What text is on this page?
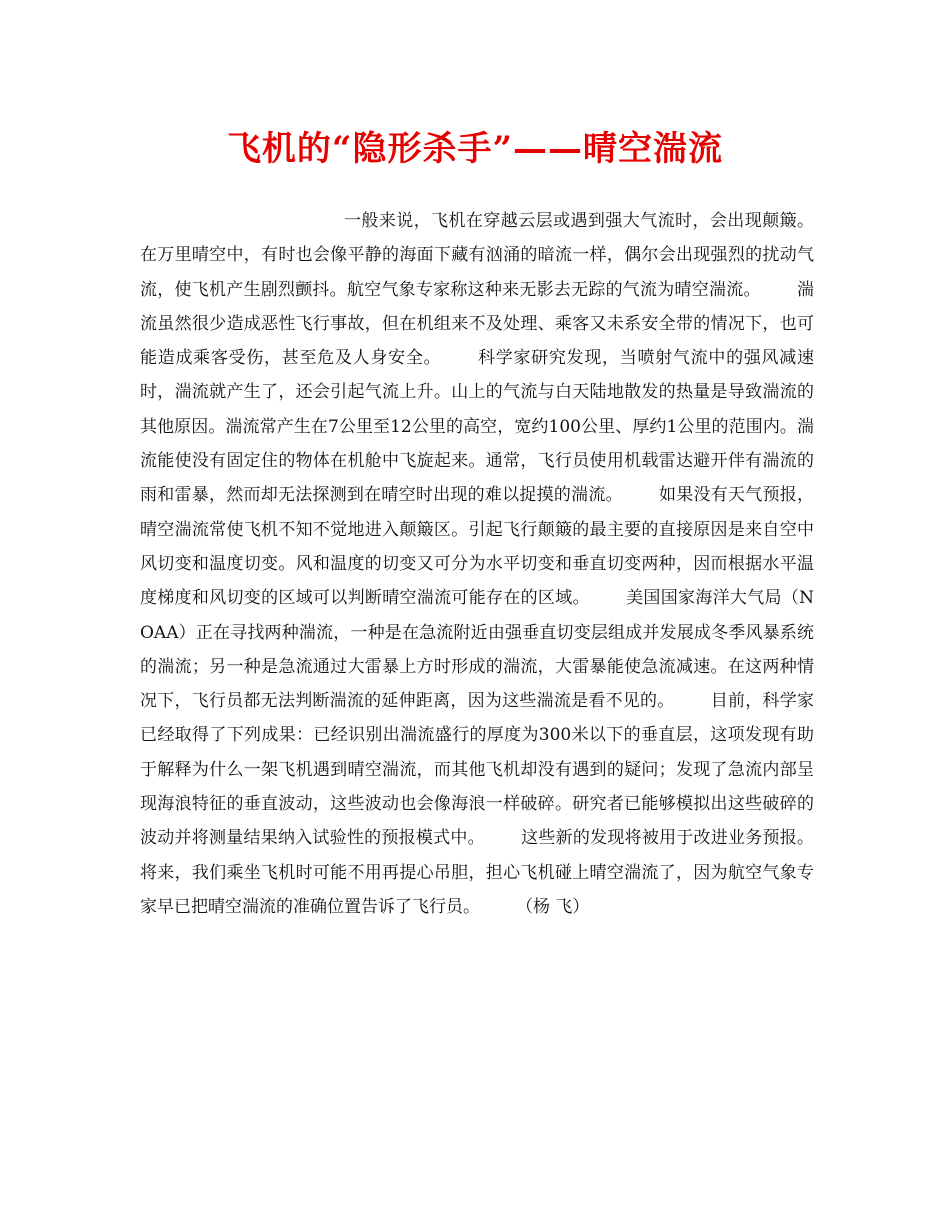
飞机的“隐形杀手”——晴空湍流

一般来说，飞机在穿越云层或遇到强大气流时，会出现颠簸。在万里晴空中，有时也会像平静的海面下藏有汹涌的暗流一样，偶尔会出现强烈的扰动气流，使飞机产生剧烈颤抖。航空气象专家称这种来无影去无踪的气流为晴空湍流。 湍流虽然很少造成恶性飞行事故，但在机组来不及处理、乘客又未系安全带的情况下，也可能造成乘客受伤，甚至危及人身安全。 科学家研究发现，当喷射气流中的强风减速时，湍流就产生了，还会引起气流上升。山上的气流与白天陆地散发的热量是导致湍流的其他原因。湍流常产生在7公里至12公里的高空，宽约100公里、厚约1公里的范围内。湍流能使没有固定住的物体在机舱中飞旋起来。通常，飞行员使用机载雷达避开伴有湍流的雨和雷暴，然而却无法探测到在晴空时出现的难以捉摸的湍流。 如果没有天气预报，晴空湍流常使飞机不知不觉地进入颠簸区。引起飞行颠簸的最主要的直接原因是来自空中风切变和温度切变。风和温度的切变又可分为水平切变和垂直切变两种，因而根据水平温度梯度和风切变的区域可以判断晴空湍流可能存在的区域。 美国国家海洋大气局（NOAA）正在寻找两种湍流，一种是在急流附近由强垂直切变层组成并发展成冬季风暴系统的湍流；另一种是急流通过大雷暴上方时形成的湍流，大雷暴能使急流减速。在这两种情况下，飞行员都无法判断湍流的延伸距离，因为这些湍流是看不见的。 目前，科学家已经取得了下列成果：已经识别出湍流盛行的厚度为300米以下的垂直层，这项发现有助于解释为什么一架飞机遇到晴空湍流，而其他飞机却没有遇到的疑问；发现了急流内部呈现海浪特征的垂直波动，这些波动也会像海浪一样破碎。研究者已能够模拟出这些破碎的波动并将测量结果纳入试验性的预报模式中。 这些新的发现将被用于改进业务预报。将来，我们乘坐飞机时可能不用再提心吊胆，担心飞机碰上晴空湍流了，因为航空气象专家早已把晴空湍流的准确位置告诉了飞行员。 （杨 飞）
